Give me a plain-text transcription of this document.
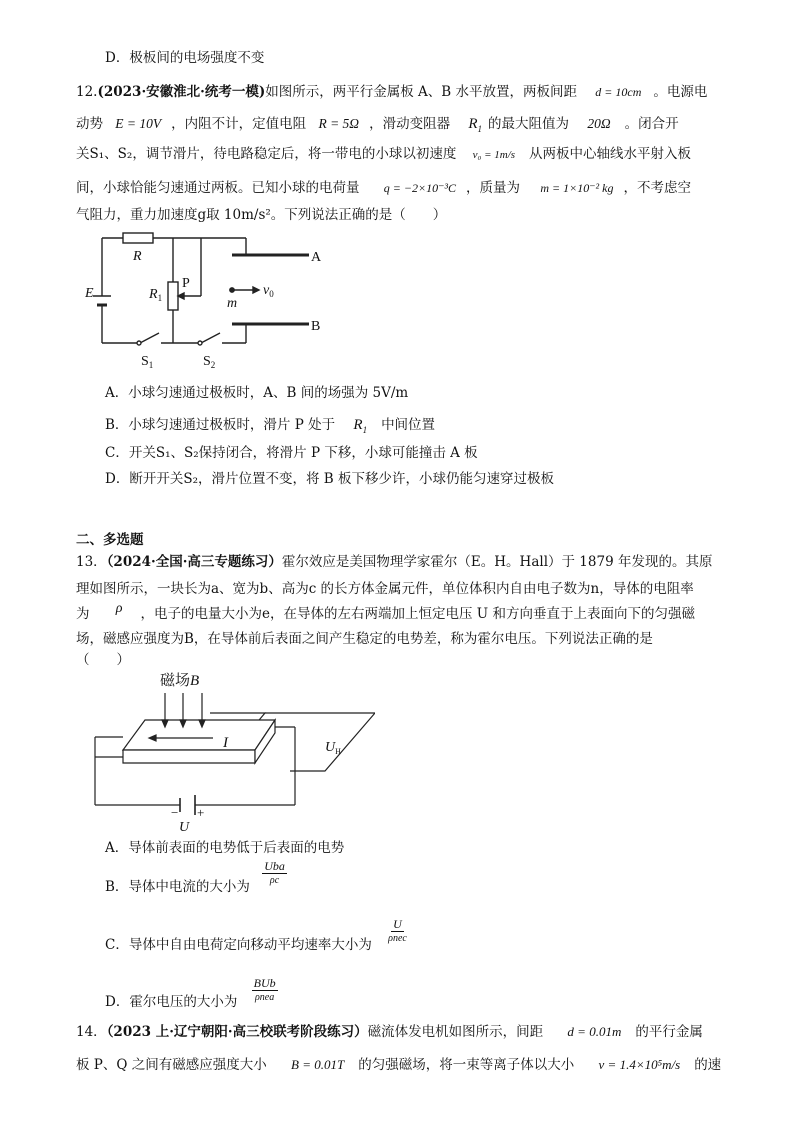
D．极板间的电场强度不变
12.(2023·安徽淮北·统考一模)如图所示，两平行金属板 A、B 水平放置，两板间距 d = 10cm 。电源电
动势 E = 10V ，内阻不计，定值电阻 R = 5Ω ，滑动变阻器 $R_1$ 的最大阻值为 20Ω 。闭合开
关S₁、S₂，调节滑片，待电路稳定后，将一带电的小球以初速度 v₀ = 1m/s 从两板中心轴线水平射入板
间，小球恰能匀速通过两板。已知小球的电荷量 q = −2×10⁻³C ，质量为 m = 1×10⁻² kg ，不考虑空
气阻力，重力加速度g取 10m/s²。下列说法正确的是（　　）
R
E	$R_1$
P
m
$v_0$
A
B
$S_1$	$S_2$
A．小球匀速通过极板时，A、B 间的场强为 5V/m
B．小球匀速通过极板时，滑片 P 处于 $R_1$ 中间位置
C．开关S₁、S₂保持闭合，将滑片 P 下移，小球可能撞击 A 板
D．断开开关S₂，滑片位置不变，将 B 板下移少许，小球仍能匀速穿过极板
二、多选题
13．（2024·全国·高三专题练习）霍尔效应是美国物理学家霍尔（E。H。Hall）于 1879 年发现的。其原
理如图所示，一块长为a、宽为b、高为c 的长方体金属元件，单位体积内自由电子数为n，导体的电阻率
为 ρ ，电子的电量大小为e，在导体的左右两端加上恒定电压 U 和方向垂直于上表面向下的匀强磁
场，磁感应强度为B，在导体前后表面之间产生稳定的电势差，称为霍尔电压。下列说法正确的是
（　　）
磁场B
I	$U_H$
− +
U
A．导体前表面的电势低于后表面的电势
B．导体中电流的大小为 $\frac{\text{Uba}}{\rho c}$
C．导体中自由电荷定向移动平均速率大小为 $\frac{U}{\text{ρnec}}$
D．霍尔电压的大小为 $\frac{\text{BUb}}{\text{ρnea}}$
14．（2023 上·辽宁朝阳·高三校联考阶段练习）磁流体发电机如图所示，间距 d = 0.01m 的平行金属
板 P、Q 之间有磁感应强度大小 B = 0.01T 的匀强磁场，将一束等离子体以大小 v = 1.4×10⁵m/s 的速
